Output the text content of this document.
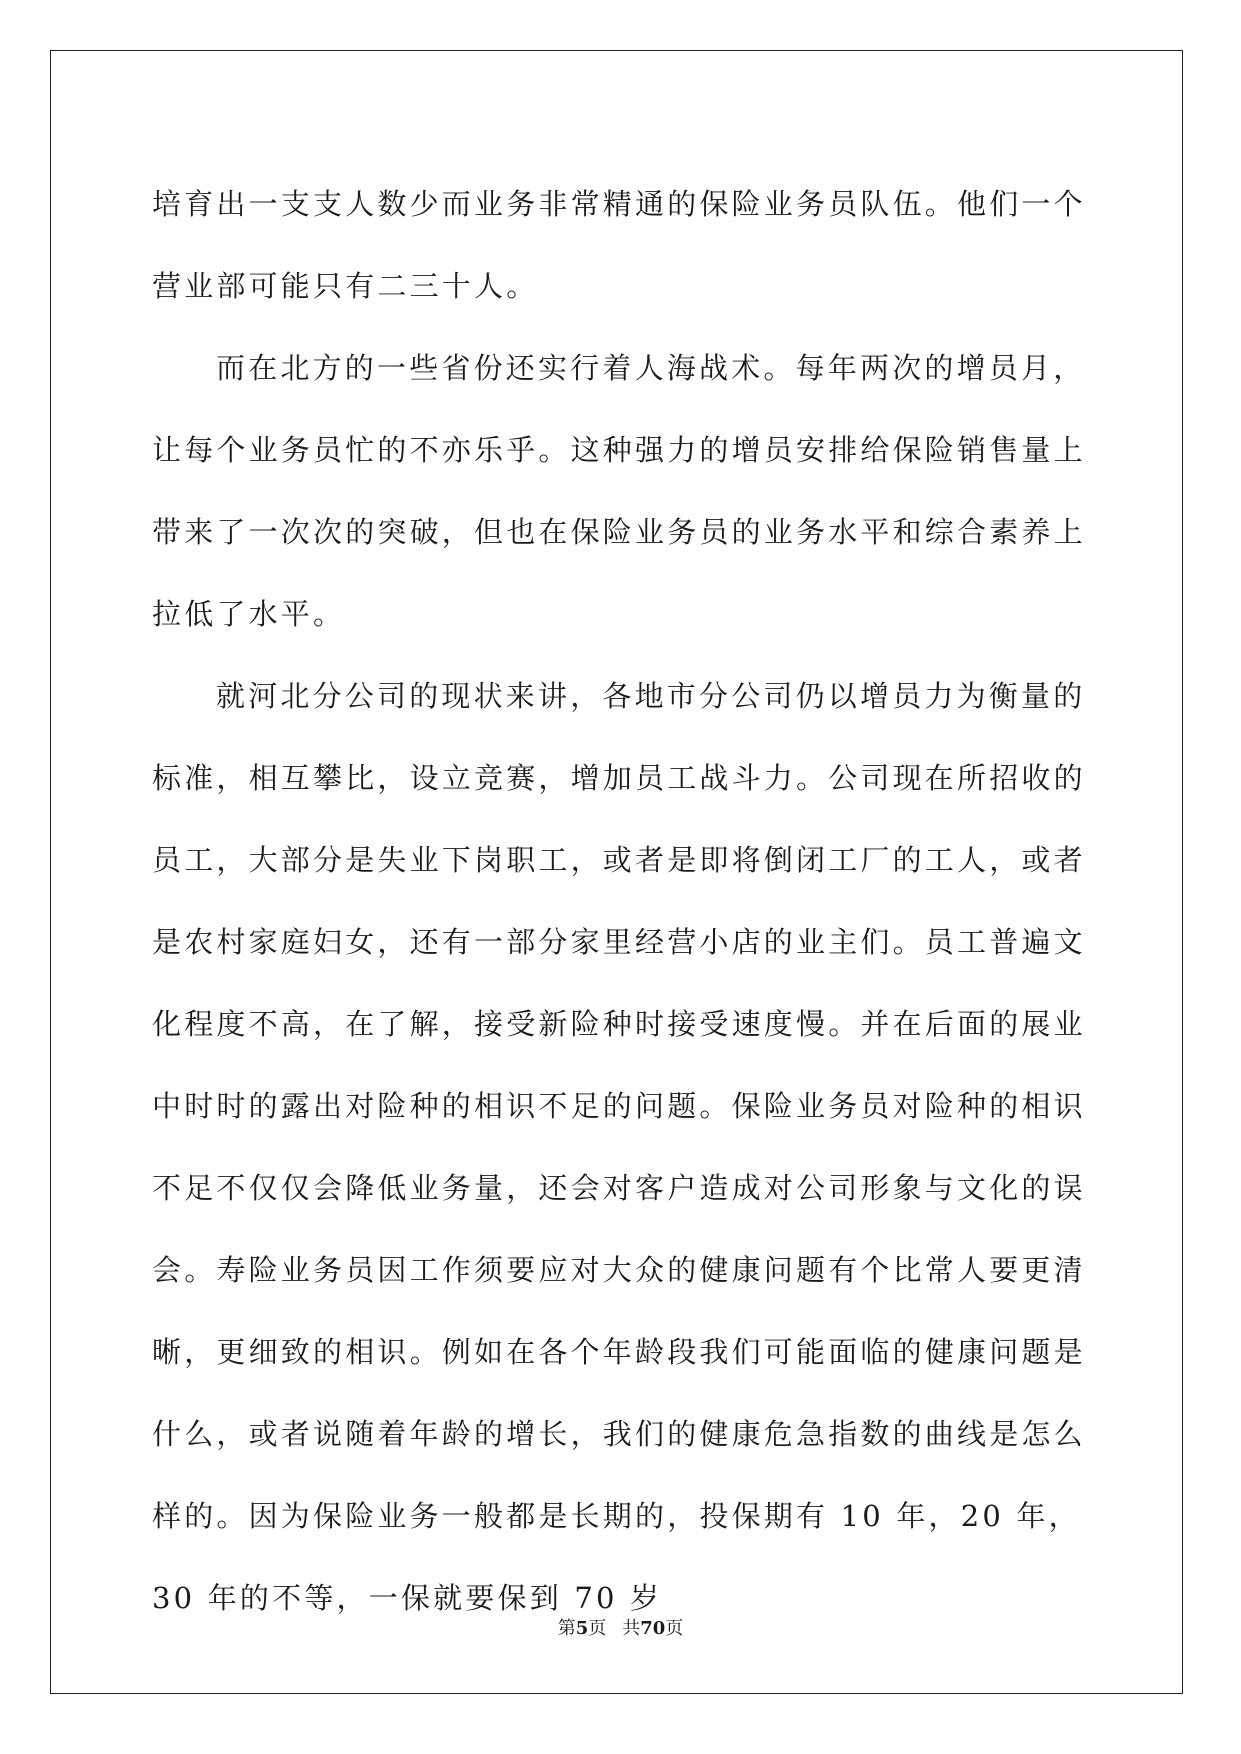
培育出一支支人数少而业务非常精通的保险业务员队伍。他们一个营业部可能只有二三十人。

而在北方的一些省份还实行着人海战术。每年两次的增员月，让每个业务员忙的不亦乐乎。这种强力的增员安排给保险销售量上带来了一次次的突破，但也在保险业务员的业务水平和综合素养上拉低了水平。

就河北分公司的现状来讲，各地市分公司仍以增员力为衡量的标准，相互攀比，设立竞赛，增加员工战斗力。公司现在所招收的员工，大部分是失业下岗职工，或者是即将倒闭工厂的工人，或者是农村家庭妇女，还有一部分家里经营小店的业主们。员工普遍文化程度不高，在了解，接受新险种时接受速度慢。并在后面的展业中时时的露出对险种的相识不足的问题。保险业务员对险种的相识不足不仅仅会降低业务量，还会对客户造成对公司形象与文化的误会。寿险业务员因工作须要应对大众的健康问题有个比常人要更清晰，更细致的相识。例如在各个年龄段我们可能面临的健康问题是什么，或者说随着年龄的增长，我们的健康危急指数的曲线是怎么样的。因为保险业务一般都是长期的，投保期有 10 年，20 年，30 年的不等，一保就要保到 70 岁

第5页 共70页
